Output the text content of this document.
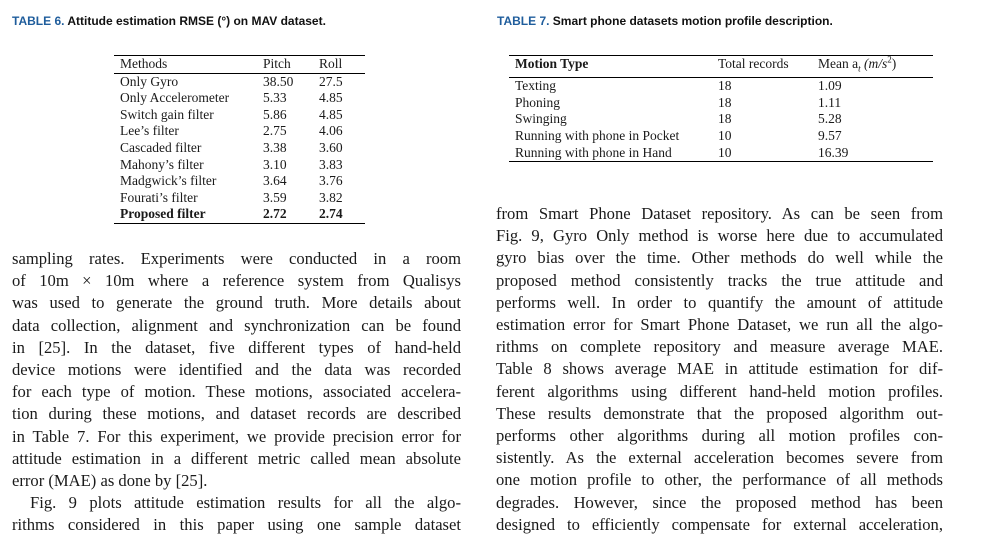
TABLE 6. Attitude estimation RMSE (°) on MAV dataset.
Methods	Pitch	Roll
Only Gyro	38.50	27.5
Only Accelerometer	5.33	4.85
Switch gain filter	5.86	4.85
Lee’s filter	2.75	4.06
Cascaded filter	3.38	3.60
Mahony’s filter	3.10	3.83
Madgwick’s filter	3.64	3.76
Fourati’s filter	3.59	3.82
Proposed filter	2.72	2.74
TABLE 7. Smart phone datasets motion profile description.
Motion Type	Total records	Mean $a_t$ $(m/s^2)$
Texting	18	1.09
Phoning	18	1.11
Swinging	18	5.28
Running with phone in Pocket	10	9.57
Running with phone in Hand	10	16.39

sampling rates. Experiments were conducted in a room

of 10m × 10m where a reference system from Qualisys

was used to generate the ground truth. More details about

data collection, alignment and synchronization can be found

in [25]. In the dataset, five different types of hand-held

device motions were identified and the data was recorded

for each type of motion. These motions, associated accelera-

tion during these motions, and dataset records are described

in Table 7. For this experiment, we provide precision error for

attitude estimation in a different metric called mean absolute

error (MAE) as done by [25].

Fig. 9 plots attitude estimation results for all the algo-

rithms considered in this paper using one sample dataset

from Smart Phone Dataset repository. As can be seen from

Fig. 9, Gyro Only method is worse here due to accumulated

gyro bias over the time. Other methods do well while the

proposed method consistently tracks the true attitude and

performs well. In order to quantify the amount of attitude

estimation error for Smart Phone Dataset, we run all the algo-

rithms on complete repository and measure average MAE.

Table 8 shows average MAE in attitude estimation for dif-

ferent algorithms using different hand-held motion profiles.

These results demonstrate that the proposed algorithm out-

performs other algorithms during all motion profiles con-

sistently. As the external acceleration becomes severe from

one motion profile to other, the performance of all methods

degrades. However, since the proposed method has been

designed to efficiently compensate for external acceleration,
